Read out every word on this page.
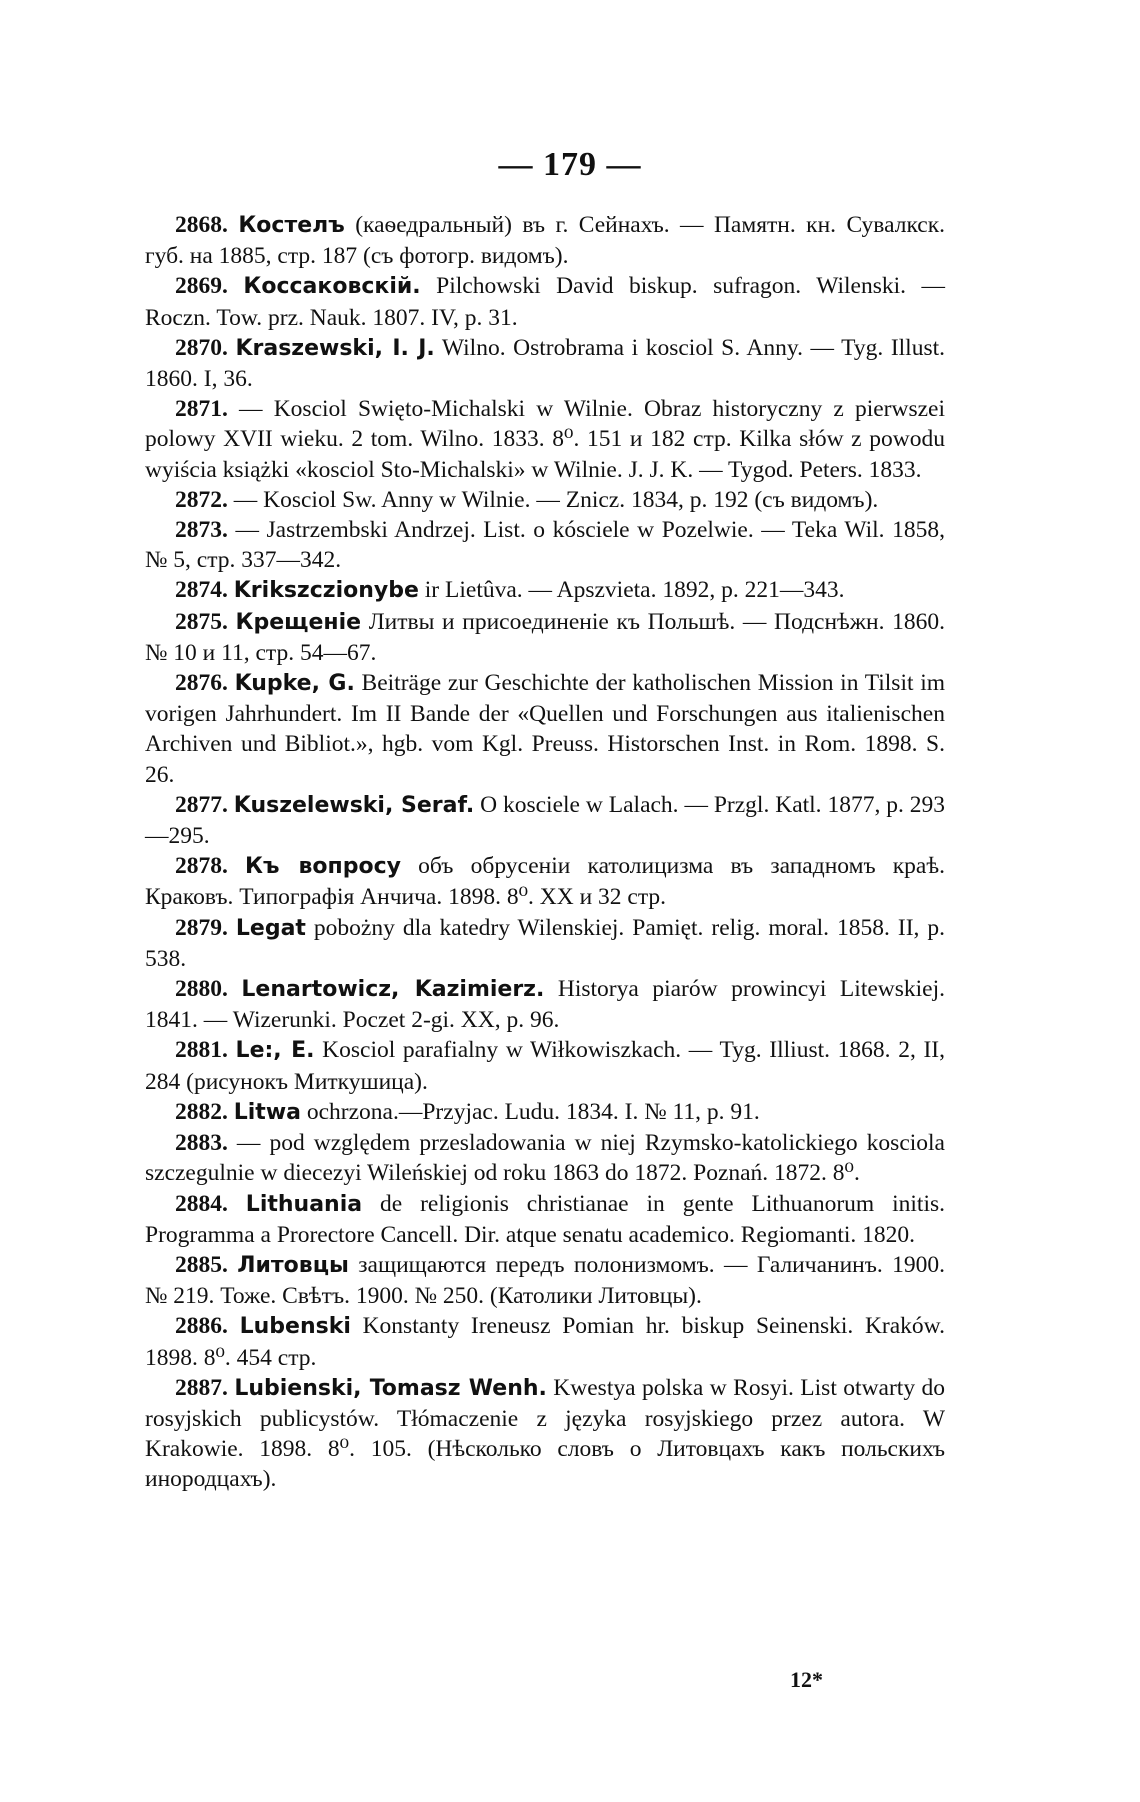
— 179 —

2868. Костелъ (каѳедральный) въ г. Сейнахъ. — Памятн. кн. Сувалкск. губ. на 1885, стр. 187 (съ фотогр. видомъ).

2869. Коссаковскій. Pilchowski David biskup. sufragon. Wilenski. — Roczn. Tow. prz. Nauk. 1807. IV, p. 31.

2870. Kraszewski, I. J. Wilno. Ostrobrama i kosciol S. Anny. — Tyg. Illust. 1860. I, 36.

2871. — Kosciol Swięto-Michalski w Wilnie. Obraz historyczny z pierwszei polowy XVII wieku. 2 tom. Wilno. 1833. 8⁰. 151 и 182 стр. Kilka słów z powodu wyiścia książki «kosciol Sto-Michalski» w Wilnie. J. J. K. — Tygod. Peters. 1833.

2872. — Kosciol Sw. Anny w Wilnie. — Znicz. 1834, p. 192 (съ видомъ).

2873. — Jastrzembski Andrzej. List. o kósciele w Pozelwie. — Teka Wil. 1858, № 5, стр. 337—342.

2874. Krikszczionybe ir Lietûva. — Apszvieta. 1892, p. 221—343.

2875. Крещеніе Литвы и присоединеніе къ Польшѣ. — Подснѣжн. 1860. № 10 и 11, стр. 54—67.

2876. Kupke, G. Beiträge zur Geschichte der katholischen Mission in Tilsit im vorigen Jahrhundert. Im II Bande der «Quellen und Forschungen aus italienischen Archiven und Bibliot.», hgb. vom Kgl. Preuss. Historschen Inst. in Rom. 1898. S. 26.

2877. Kuszelewski, Seraf. O kosciele w Lalach. — Przgl. Katl. 1877, p. 293—295.

2878. Къ вопросу объ обрусеніи католицизма въ западномъ краѣ. Краковъ. Типографія Анчича. 1898. 8⁰. XX и 32 стр.

2879. Legat pobożny dla katedry Wilenskiej. Pamięt. relig. moral. 1858. II, p. 538.

2880. Lenartowicz, Kazimierz. Historya piarów prowincyi Litewskiej. 1841. — Wizerunki. Poczet 2-gi. XX, p. 96.

2881. Le:, E. Kosciol parafialny w Wiłkowiszkach. — Tyg. Illiust. 1868. 2, II, 284 (рисунокъ Миткушица).

2882. Litwa ochrzona.—Przyjac. Ludu. 1834. I. № 11, p. 91.

2883. — pod względem przesladowania w niej Rzymsko-katolickiego kosciola szczegulnie w diecezyi Wileńskiej od roku 1863 do 1872. Poznań. 1872. 8⁰.

2884. Lithuania de religionis christianae in gente Lithuanorum initis. Programma a Prorectore Cancell. Dir. atque senatu academico. Regiomanti. 1820.

2885. Литовцы защищаются передъ полонизмомъ. — Галичанинъ. 1900. № 219. Тоже. Свѣтъ. 1900. № 250. (Католики Литовцы).

2886. Lubenski Konstanty Ireneusz Pomian hr. biskup Seinenski. Kraków. 1898. 8⁰. 454 стр.

2887. Lubienski, Tomasz Wenh. Kwestya polska w Rosyi. List otwarty do rosyjskich publicystów. Tłómaczenie z języka rosyjskiego przez autora. W Krakowie. 1898. 8⁰. 105. (Нѣсколько словъ о Литовцахъ какъ польскихъ инородцахъ).

12*
